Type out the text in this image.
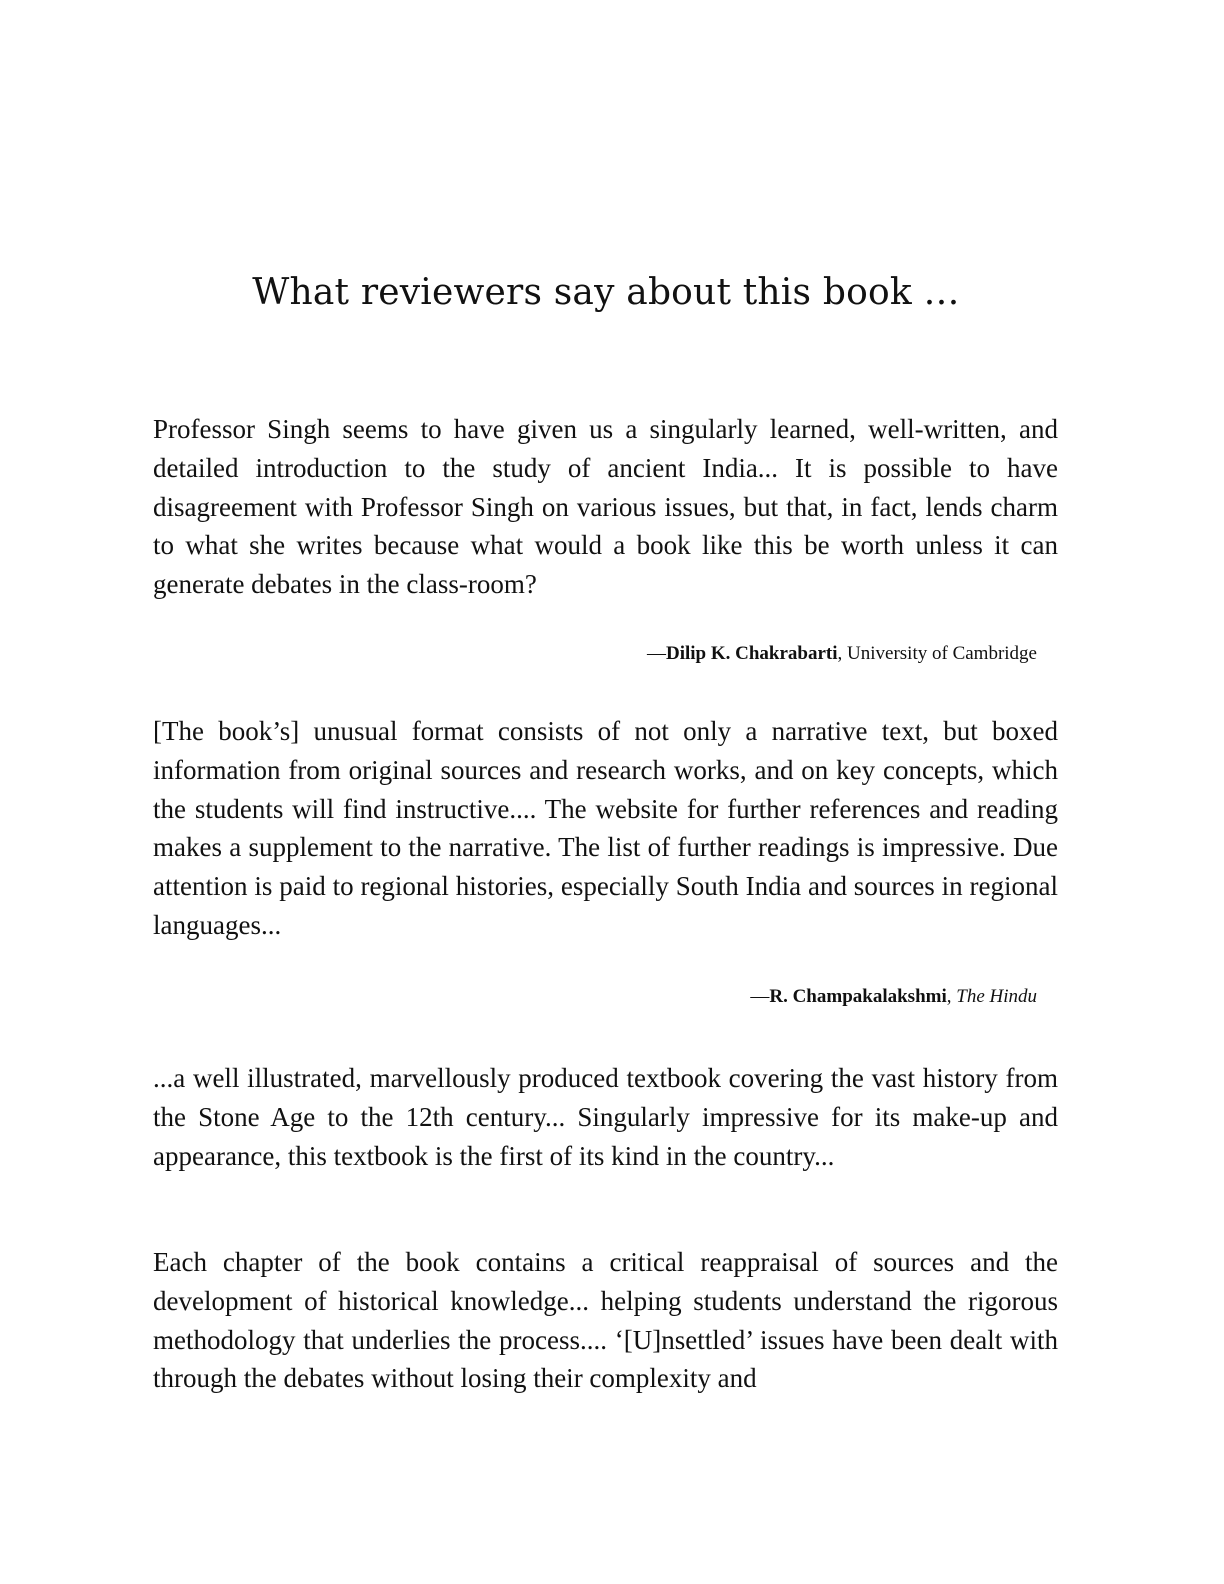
What reviewers say about this book …

Professor Singh seems to have given us a singularly learned, well-written, and detailed introduction to the study of ancient India... It is possible to have disagreement with Professor Singh on various issues, but that, in fact, lends charm to what she writes because what would a book like this be worth unless it can generate debates in the class-room?

—Dilip K. Chakrabarti, University of Cambridge

[The book’s] unusual format consists of not only a narrative text, but boxed information from original sources and research works, and on key concepts, which the students will find instructive.... The website for further references and reading makes a supplement to the narrative. The list of further readings is impressive. Due attention is paid to regional histories, especially South India and sources in regional languages...

—R. Champakalakshmi, The Hindu

...a well illustrated, marvellously produced textbook covering the vast history from the Stone Age to the 12th century... Singularly impressive for its make-up and appearance, this textbook is the first of its kind in the country...

Each chapter of the book contains a critical reappraisal of sources and the development of historical knowledge... helping students understand the rigorous methodology that underlies the process.... ‘[U]nsettled’ issues have been dealt with through the debates without losing their complexity and
